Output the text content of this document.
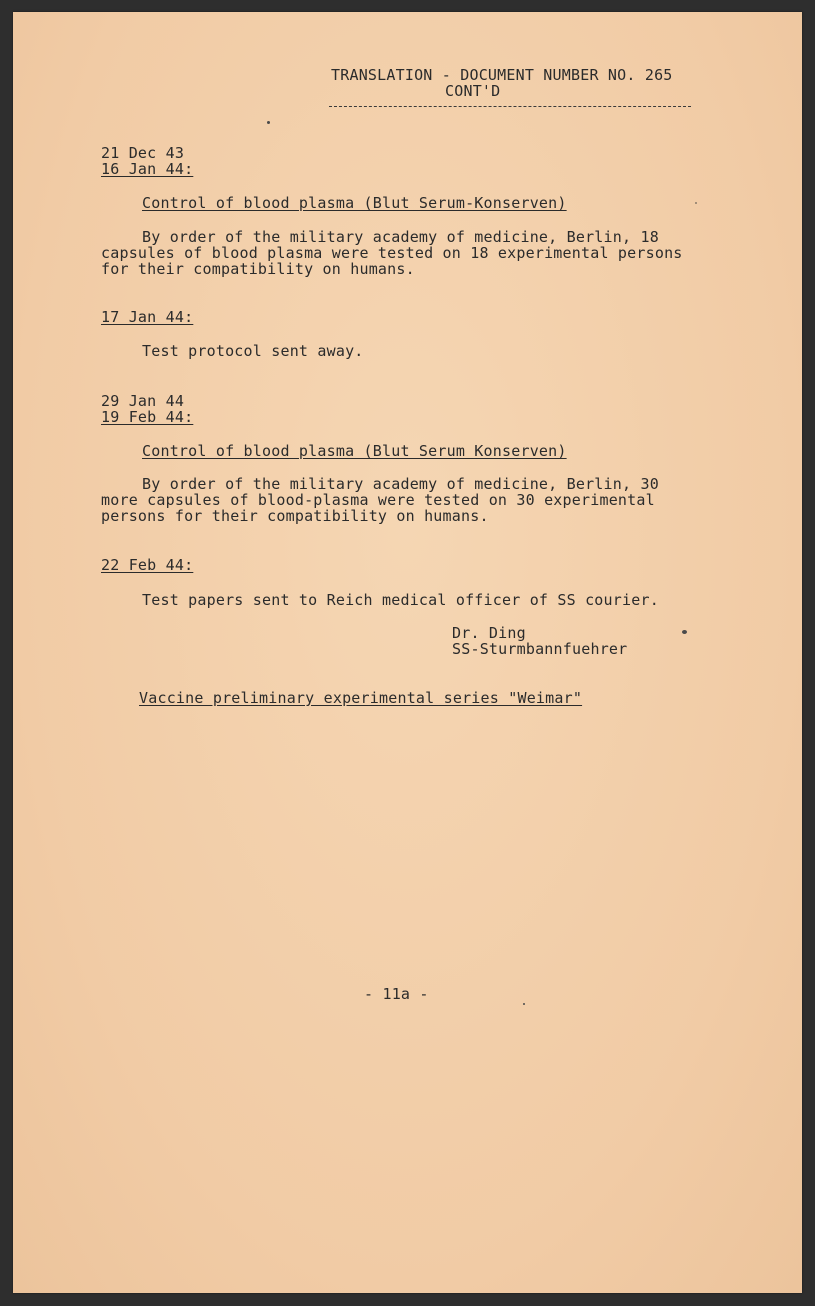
TRANSLATION - DOCUMENT NUMBER NO. 265
CONT'D
21 Dec 43
16 Jan 44:
Control of blood plasma (Blut Serum-Konserven)
By order of the military academy of medicine, Berlin, 18
capsules of blood plasma were tested on 18 experimental persons
for their compatibility on humans.
17 Jan 44:
Test protocol sent away.
29 Jan 44
19 Feb 44:
Control of blood plasma (Blut Serum Konserven)
By order of the military academy of medicine, Berlin, 30
more capsules of blood-plasma were tested on 30 experimental
persons for their compatibility on humans.
22 Feb 44:
Test papers sent to Reich medical officer of SS courier.
Dr. Ding
SS-Sturmbannfuehrer
Vaccine preliminary experimental series "Weimar"
- 11a -
